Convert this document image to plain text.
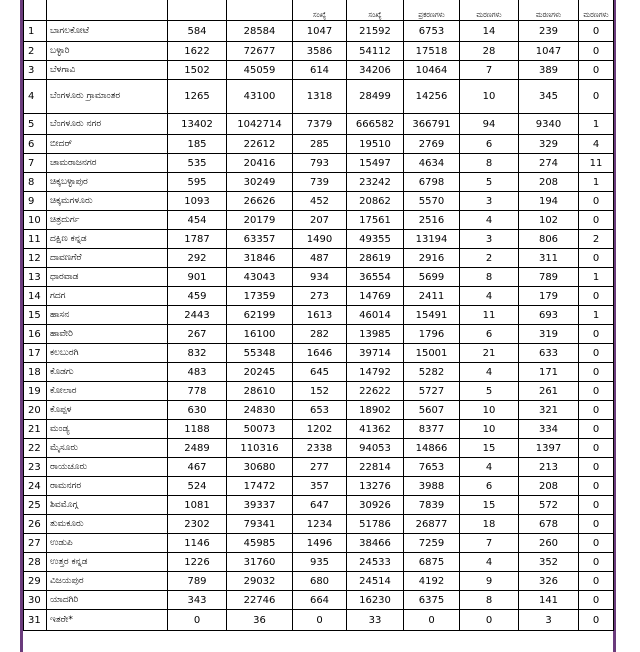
				ಸಂಖ್ಯೆ	ಸಂಖ್ಯೆ	ಪ್ರಕರಣಗಳು	ಮರಣಗಳು	ಮರಣಗಳು	ಮರಣಗಳು
1	ಬಾಗಲಕೋಟೆ	584	28584	1047	21592	6753	14	239	0
2	ಬಳ್ಳಾರಿ	1622	72677	3586	54112	17518	28	1047	0
3	ಬೆಳಗಾವಿ	1502	45059	614	34206	10464	7	389	0
4	ಬೆಂಗಳೂರು ಗ್ರಾಮಾಂತರ	1265	43100	1318	28499	14256	10	345	0
5	ಬೆಂಗಳೂರು ನಗರ	13402	1042714	7379	666582	366791	94	9340	1
6	ಬೀದರ್	185	22612	285	19510	2769	6	329	4
7	ಚಾಮರಾಜನಗರ	535	20416	793	15497	4634	8	274	11
8	ಚಿಕ್ಕಬಳ್ಳಾಪುರ	595	30249	739	23242	6798	5	208	1
9	ಚಿಕ್ಕಮಗಳೂರು	1093	26626	452	20862	5570	3	194	0
10	ಚಿತ್ರದುರ್ಗ	454	20179	207	17561	2516	4	102	0
11	ದಕ್ಷಿಣ ಕನ್ನಡ	1787	63357	1490	49355	13194	3	806	2
12	ದಾವಣಗೆರೆ	292	31846	487	28619	2916	2	311	0
13	ಧಾರವಾಡ	901	43043	934	36554	5699	8	789	1
14	ಗದಗ	459	17359	273	14769	2411	4	179	0
15	ಹಾಸನ	2443	62199	1613	46014	15491	11	693	1
16	ಹಾವೇರಿ	267	16100	282	13985	1796	6	319	0
17	ಕಲಬುರಗಿ	832	55348	1646	39714	15001	21	633	0
18	ಕೊಡಗು	483	20245	645	14792	5282	4	171	0
19	ಕೋಲಾರ	778	28610	152	22622	5727	5	261	0
20	ಕೊಪ್ಪಳ	630	24830	653	18902	5607	10	321	0
21	ಮಂಡ್ಯ	1188	50073	1202	41362	8377	10	334	0
22	ಮೈಸೂರು	2489	110316	2338	94053	14866	15	1397	0
23	ರಾಯಚೂರು	467	30680	277	22814	7653	4	213	0
24	ರಾಮನಗರ	524	17472	357	13276	3988	6	208	0
25	ಶಿವಮೊಗ್ಗ	1081	39337	647	30926	7839	15	572	0
26	ತುಮಕೂರು	2302	79341	1234	51786	26877	18	678	0
27	ಉಡುಪಿ	1146	45985	1496	38466	7259	7	260	0
28	ಉತ್ತರ ಕನ್ನಡ	1226	31760	935	24533	6875	4	352	0
29	ವಿಜಯಪುರ	789	29032	680	24514	4192	9	326	0
30	ಯಾದಗಿರಿ	343	22746	664	16230	6375	8	141	0
31	ಇತರೇ*	0	36	0	33	0	0	3	0
